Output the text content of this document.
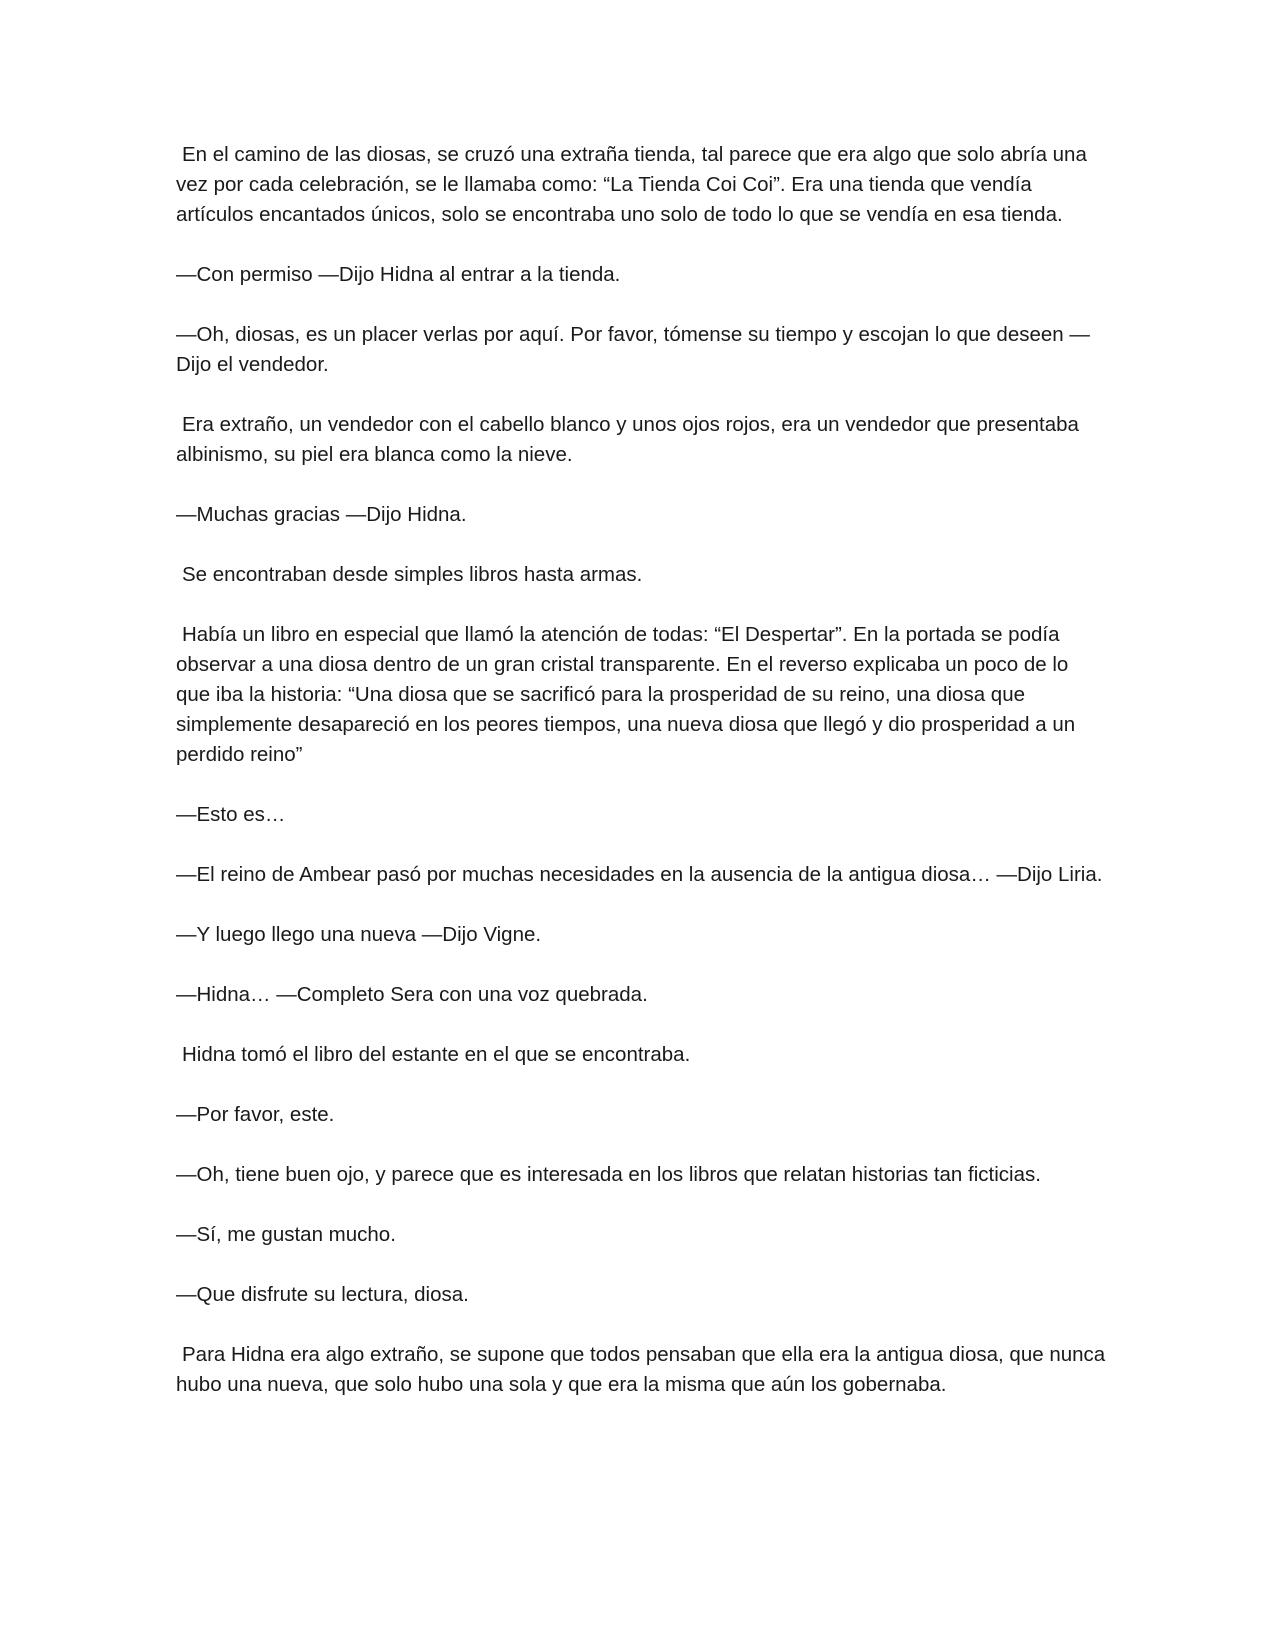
En el camino de las diosas, se cruzó una extraña tienda, tal parece que era algo que solo abría una vez por cada celebración, se le llamaba como: “La Tienda Coi Coi”. Era una tienda que vendía artículos encantados únicos, solo se encontraba uno solo de todo lo que se vendía en esa tienda.

—Con permiso —Dijo Hidna al entrar a la tienda.

—Oh, diosas, es un placer verlas por aquí. Por favor, tómense su tiempo y escojan lo que deseen —Dijo el vendedor.

Era extraño, un vendedor con el cabello blanco y unos ojos rojos, era un vendedor que presentaba albinismo, su piel era blanca como la nieve.

—Muchas gracias —Dijo Hidna.

Se encontraban desde simples libros hasta armas.

Había un libro en especial que llamó la atención de todas: “El Despertar”. En la portada se podía observar a una diosa dentro de un gran cristal transparente. En el reverso explicaba un poco de lo que iba la historia: “Una diosa que se sacrificó para la prosperidad de su reino, una diosa que simplemente desapareció en los peores tiempos, una nueva diosa que llegó y dio prosperidad a un perdido reino”

—Esto es…

—El reino de Ambear pasó por muchas necesidades en la ausencia de la antigua diosa… —Dijo Liria.

—Y luego llego una nueva —Dijo Vigne.

—Hidna… —Completo Sera con una voz quebrada.

Hidna tomó el libro del estante en el que se encontraba.

—Por favor, este.

—Oh, tiene buen ojo, y parece que es interesada en los libros que relatan historias tan ficticias.

—Sí, me gustan mucho.

—Que disfrute su lectura, diosa.

Para Hidna era algo extraño, se supone que todos pensaban que ella era la antigua diosa, que nunca hubo una nueva, que solo hubo una sola y que era la misma que aún los gobernaba.
